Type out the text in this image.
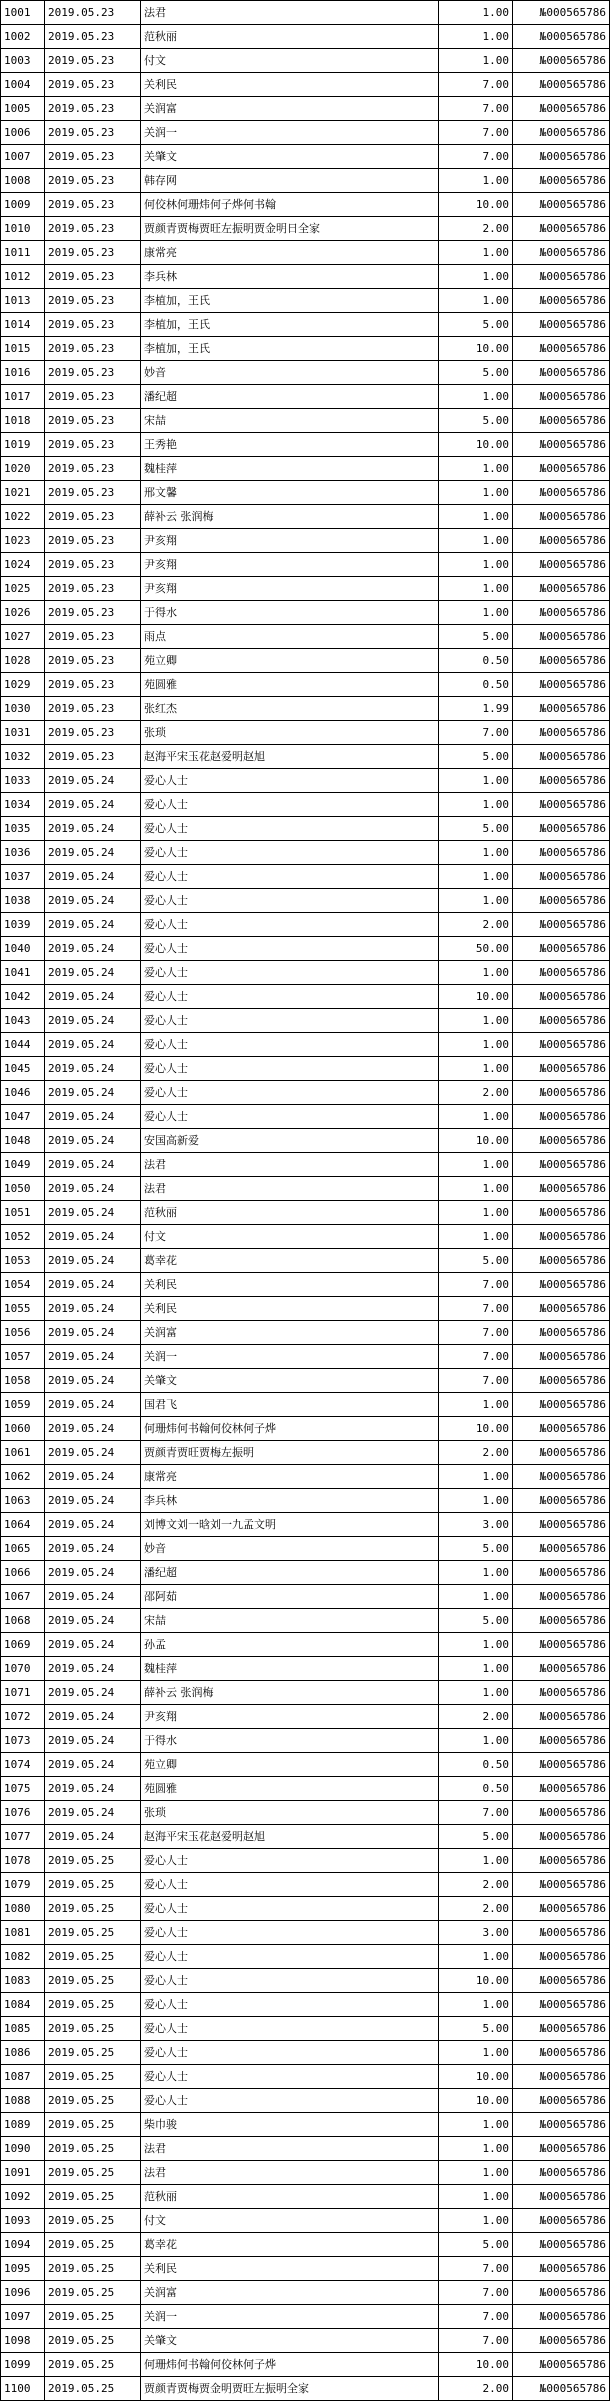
1001	2019.05.23	法君	1.00	№000565786
1002	2019.05.23	范秋丽	1.00	№000565786
1003	2019.05.23	付文	1.00	№000565786
1004	2019.05.23	关利民	7.00	№000565786
1005	2019.05.23	关润富	7.00	№000565786
1006	2019.05.23	关润一	7.00	№000565786
1007	2019.05.23	关肇文	7.00	№000565786
1008	2019.05.23	韩存网	1.00	№000565786
1009	2019.05.23	何佼林何珊炜何子烨何书翰	10.00	№000565786
1010	2019.05.23	贾颜青贾梅贾旺左振明贾金明日全家	2.00	№000565786
1011	2019.05.23	康常亮	1.00	№000565786
1012	2019.05.23	李兵林	1.00	№000565786
1013	2019.05.23	李植加，王氏	1.00	№000565786
1014	2019.05.23	李植加，王氏	5.00	№000565786
1015	2019.05.23	李植加，王氏	10.00	№000565786
1016	2019.05.23	妙音	5.00	№000565786
1017	2019.05.23	潘纪超	1.00	№000565786
1018	2019.05.23	宋喆	5.00	№000565786
1019	2019.05.23	王秀艳	10.00	№000565786
1020	2019.05.23	魏桂萍	1.00	№000565786
1021	2019.05.23	邢文馨	1.00	№000565786
1022	2019.05.23	薛补云 张润梅	1.00	№000565786
1023	2019.05.23	尹亥翔	1.00	№000565786
1024	2019.05.23	尹亥翔	1.00	№000565786
1025	2019.05.23	尹亥翔	1.00	№000565786
1026	2019.05.23	于得水	1.00	№000565786
1027	2019.05.23	雨点	5.00	№000565786
1028	2019.05.23	苑立卿	0.50	№000565786
1029	2019.05.23	苑圆雅	0.50	№000565786
1030	2019.05.23	张红杰	1.99	№000565786
1031	2019.05.23	张琐	7.00	№000565786
1032	2019.05.23	赵海平宋玉花赵爱明赵旭	5.00	№000565786
1033	2019.05.24	爱心人士	1.00	№000565786
1034	2019.05.24	爱心人士	1.00	№000565786
1035	2019.05.24	爱心人士	5.00	№000565786
1036	2019.05.24	爱心人士	1.00	№000565786
1037	2019.05.24	爱心人士	1.00	№000565786
1038	2019.05.24	爱心人士	1.00	№000565786
1039	2019.05.24	爱心人士	2.00	№000565786
1040	2019.05.24	爱心人士	50.00	№000565786
1041	2019.05.24	爱心人士	1.00	№000565786
1042	2019.05.24	爱心人士	10.00	№000565786
1043	2019.05.24	爱心人士	1.00	№000565786
1044	2019.05.24	爱心人士	1.00	№000565786
1045	2019.05.24	爱心人士	1.00	№000565786
1046	2019.05.24	爱心人士	2.00	№000565786
1047	2019.05.24	爱心人士	1.00	№000565786
1048	2019.05.24	安国高新爱	10.00	№000565786
1049	2019.05.24	法君	1.00	№000565786
1050	2019.05.24	法君	1.00	№000565786
1051	2019.05.24	范秋丽	1.00	№000565786
1052	2019.05.24	付文	1.00	№000565786
1053	2019.05.24	葛幸花	5.00	№000565786
1054	2019.05.24	关利民	7.00	№000565786
1055	2019.05.24	关利民	7.00	№000565786
1056	2019.05.24	关润富	7.00	№000565786
1057	2019.05.24	关润一	7.00	№000565786
1058	2019.05.24	关肇文	7.00	№000565786
1059	2019.05.24	国君飞	1.00	№000565786
1060	2019.05.24	何珊炜何书翰何佼林何子烨	10.00	№000565786
1061	2019.05.24	贾颜青贾旺贾梅左振明	2.00	№000565786
1062	2019.05.24	康常亮	1.00	№000565786
1063	2019.05.24	李兵林	1.00	№000565786
1064	2019.05.24	刘博文刘一晗刘一九孟文明	3.00	№000565786
1065	2019.05.24	妙音	5.00	№000565786
1066	2019.05.24	潘纪超	1.00	№000565786
1067	2019.05.24	邵阿茹	1.00	№000565786
1068	2019.05.24	宋喆	5.00	№000565786
1069	2019.05.24	孙孟	1.00	№000565786
1070	2019.05.24	魏桂萍	1.00	№000565786
1071	2019.05.24	薛补云 张润梅	1.00	№000565786
1072	2019.05.24	尹亥翔	2.00	№000565786
1073	2019.05.24	于得水	1.00	№000565786
1074	2019.05.24	苑立卿	0.50	№000565786
1075	2019.05.24	苑圆雅	0.50	№000565786
1076	2019.05.24	张琐	7.00	№000565786
1077	2019.05.24	赵海平宋玉花赵爱明赵旭	5.00	№000565786
1078	2019.05.25	爱心人士	1.00	№000565786
1079	2019.05.25	爱心人士	2.00	№000565786
1080	2019.05.25	爱心人士	2.00	№000565786
1081	2019.05.25	爱心人士	3.00	№000565786
1082	2019.05.25	爱心人士	1.00	№000565786
1083	2019.05.25	爱心人士	10.00	№000565786
1084	2019.05.25	爱心人士	1.00	№000565786
1085	2019.05.25	爱心人士	5.00	№000565786
1086	2019.05.25	爱心人士	1.00	№000565786
1087	2019.05.25	爱心人士	10.00	№000565786
1088	2019.05.25	爱心人士	10.00	№000565786
1089	2019.05.25	柴巾骏	1.00	№000565786
1090	2019.05.25	法君	1.00	№000565786
1091	2019.05.25	法君	1.00	№000565786
1092	2019.05.25	范秋丽	1.00	№000565786
1093	2019.05.25	付文	1.00	№000565786
1094	2019.05.25	葛幸花	5.00	№000565786
1095	2019.05.25	关利民	7.00	№000565786
1096	2019.05.25	关润富	7.00	№000565786
1097	2019.05.25	关润一	7.00	№000565786
1098	2019.05.25	关肇文	7.00	№000565786
1099	2019.05.25	何珊炜何书翰何佼林何子烨	10.00	№000565786
1100	2019.05.25	贾颜青贾梅贾金明贾旺左振明全家	2.00	№000565786
